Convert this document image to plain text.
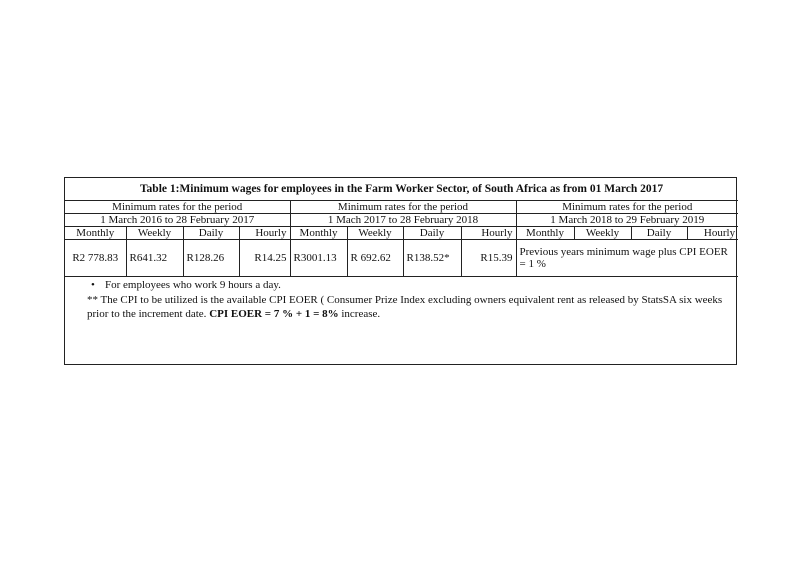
Table 1:Minimum wages for employees in the Farm Worker Sector, of South Africa as from 01 March 2017											
Minimum rates for the period				Minimum rates for the period				Minimum rates for the period			
1 March 2016 to 28 February 2017				1 Mach 2017 to 28 February 2018				1 March 2018 to 29 February 2019			
Monthly	Weekly	Daily	Hourly	Monthly	Weekly	Daily	Hourly	Monthly	Weekly	Daily	Hourly
R2 778.83	R641.32	R128.26	R14.25	R3001.13	R 692.62	R138.52*	R15.39	Previous years minimum wage plus CPI EOER = 1 %			
• For employees who work 9 hours a day.
** The CPI to be utilized is the available CPI EOER ( Consumer Prize Index excluding owners equivalent rent as released by StatsSA six weeks prior to the increment date. CPI EOER = 7 % + 1 = 8% increase.
